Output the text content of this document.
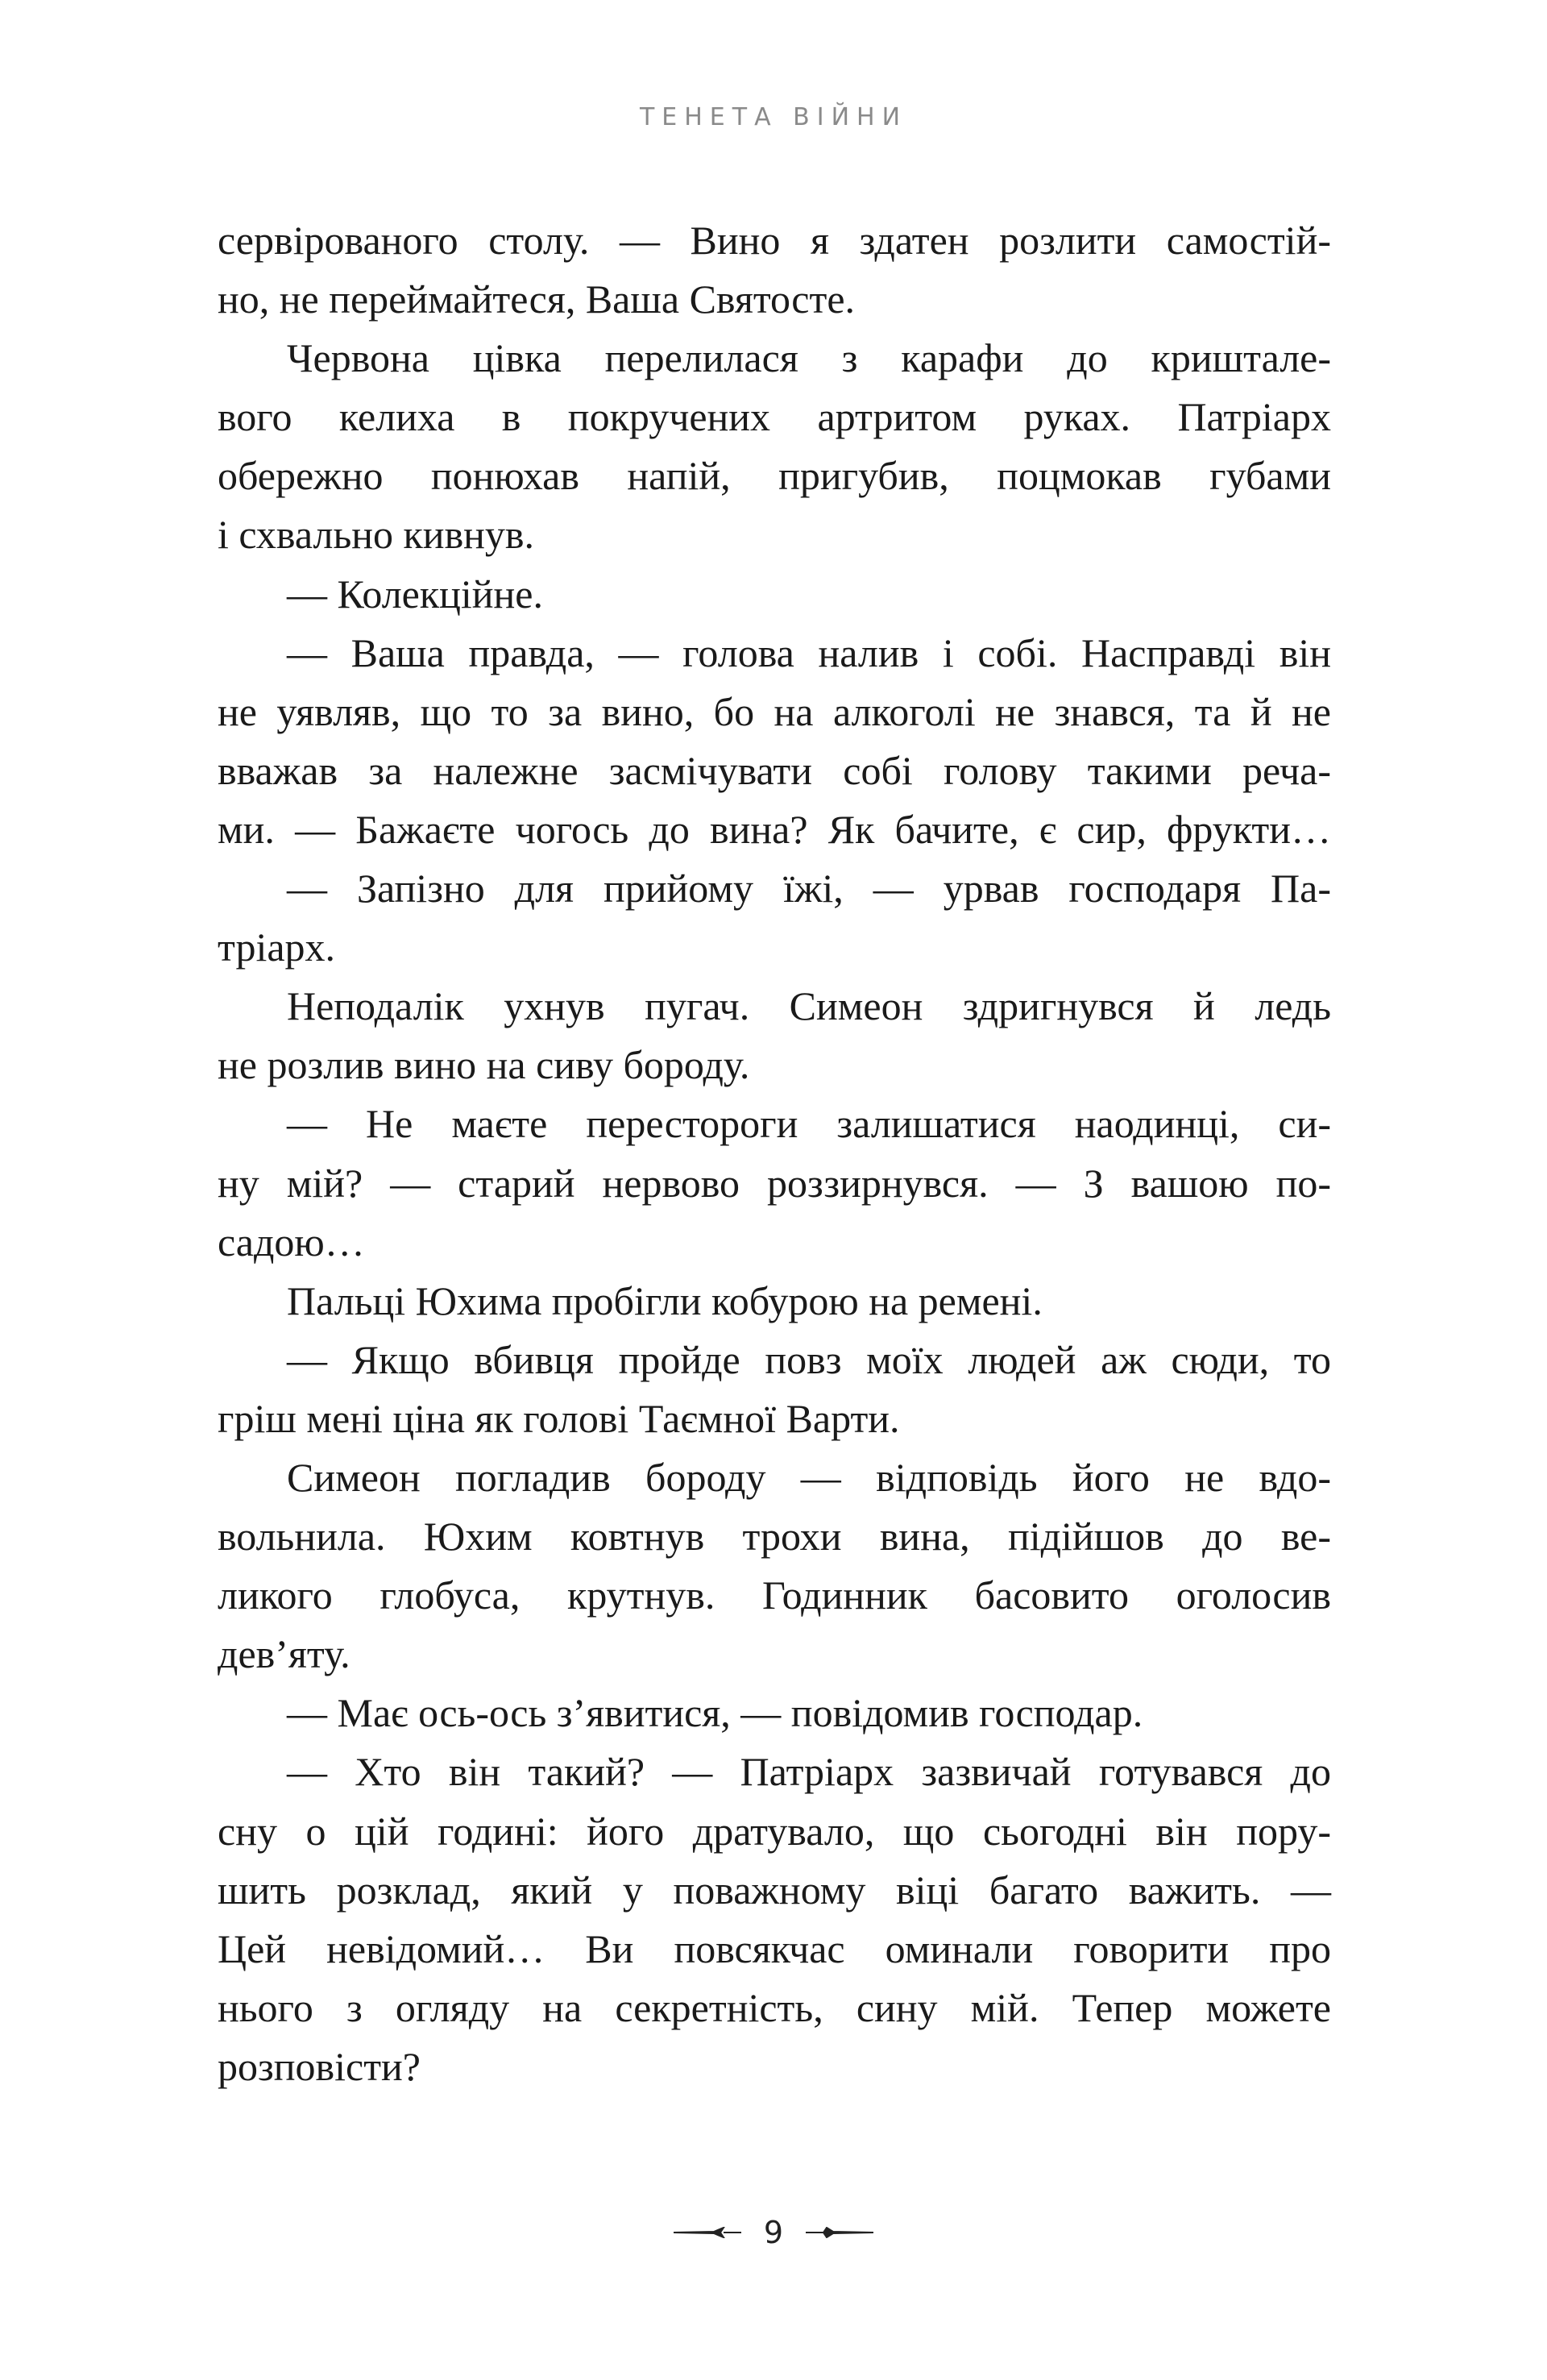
ТЕНЕТА ВІЙНИ
сервірованого столу. — Вино я здатен розлити самостій-
но, не переймайтеся, Ваша Святосте.
Червона цівка перелилася з карафи до криштале-
вого келиха в покручених артритом руках. Патріарх
обережно понюхав напій, пригубив, поцмокав губами
і схвально кивнув.
— Колекційне.
— Ваша правда, — голова налив і собі. Насправді він
не уявляв, що то за вино, бо на алкоголі не знався, та й не
вважав за належне засмічувати собі голову такими реча-
ми. — Бажаєте чогось до вина? Як бачите, є сир, фрукти…
— Запізно для прийому їжі, — урвав господаря Па-
тріарх.
Неподалік ухнув пугач. Симеон здригнувся й ледь
не розлив вино на сиву бороду.
— Не маєте перестороги залишатися наодинці, си-
ну мій? — старий нервово роззирнувся. — З вашою по-
садою…
Пальці Юхима пробігли кобурою на ремені.
— Якщо вбивця пройде повз моїх людей аж сюди, то
гріш мені ціна як голові Таємної Варти.
Симеон погладив бороду — відповідь його не вдо-
вольнила. Юхим ковтнув трохи вина, підійшов до ве-
ликого глобуса, крутнув. Годинник басовито оголосив
дев’яту.
— Має ось-ось з’явитися, — повідомив господар.
— Хто він такий? — Патріарх зазвичай готувався до
сну о цій годині: його дратувало, що сьогодні він пору-
шить розклад, який у поважному віці багато важить. —
Цей невідомий… Ви повсякчас оминали говорити про
нього з огляду на секретність, сину мій. Тепер можете
розповісти?
9
